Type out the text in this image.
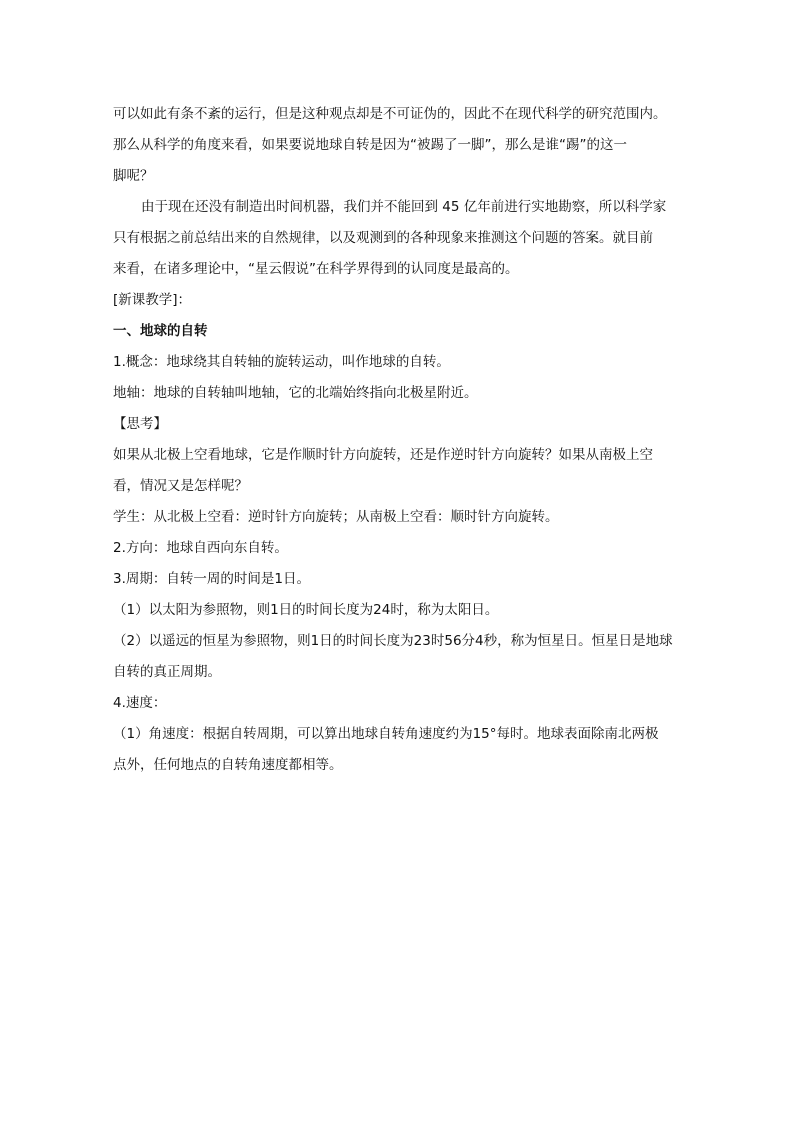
可以如此有条不紊的运行，但是这种观点却是不可证伪的，因此不在现代科学的研究范围内。
那么从科学的角度来看，如果要说地球自转是因为“被踢了一脚”，那么是谁“踢”的这一
脚呢？
由于现在还没有制造出时间机器，我们并不能回到 45 亿年前进行实地勘察，所以科学家
只有根据之前总结出来的自然规律，以及观测到的各种现象来推测这个问题的答案。就目前
来看，在诸多理论中，“星云假说”在科学界得到的认同度是最高的。
[新课教学]：
一、地球的自转
1.概念：地球绕其自转轴的旋转运动，叫作地球的自转。
地轴：地球的自转轴叫地轴，它的北端始终指向北极星附近。
【思考】
如果从北极上空看地球，它是作顺时针方向旋转，还是作逆时针方向旋转？如果从南极上空
看，情况又是怎样呢？
学生：从北极上空看：逆时针方向旋转；从南极上空看：顺时针方向旋转。
2.方向：地球自西向东自转。
3.周期：自转一周的时间是1日。
（1）以太阳为参照物，则1日的时间长度为24时，称为太阳日。
（2）以遥远的恒星为参照物，则1日的时间长度为23时56分4秒，称为恒星日。恒星日是地球
自转的真正周期。
4.速度：
（1）角速度：根据自转周期，可以算出地球自转角速度约为15°每时。地球表面除南北两极
点外，任何地点的自转角速度都相等。
